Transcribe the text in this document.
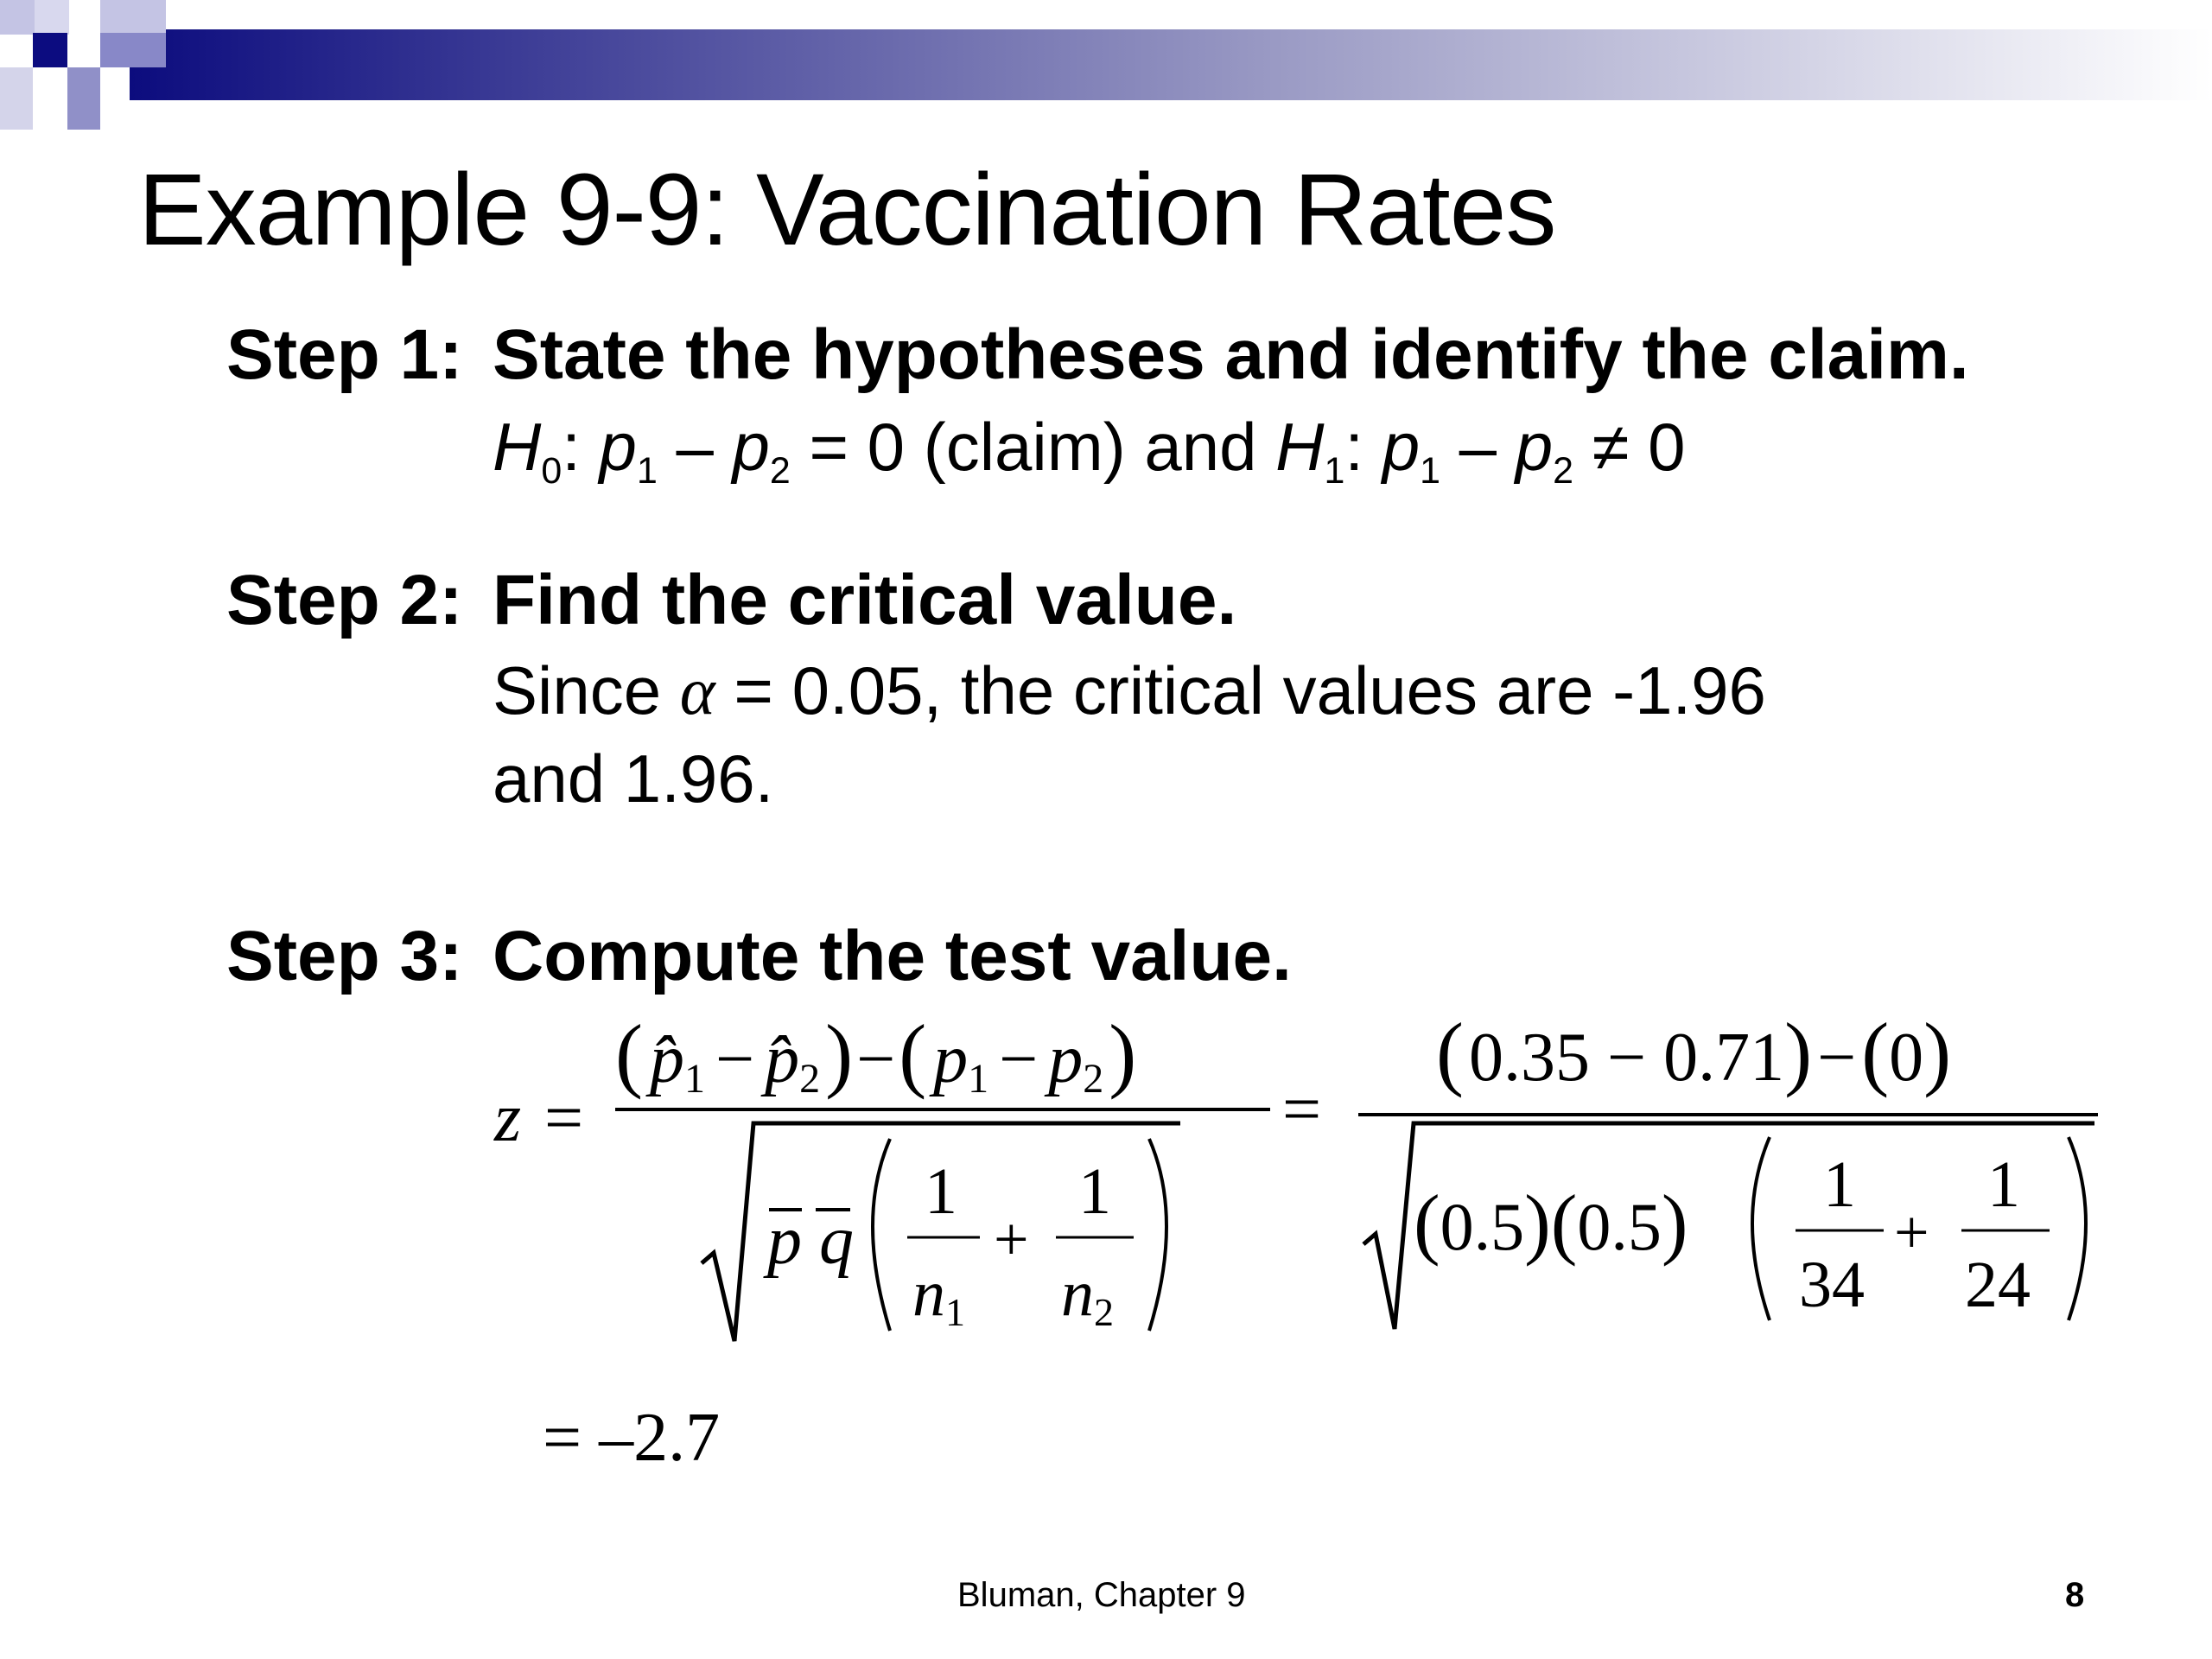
Example 9-9: Vaccination Rates
Step 1: State the hypotheses and identify the claim.
$H_0$: $p_1 - p_2 = 0$ (claim) and $H_1$: $p_1 - p_2 \ne 0$
Step 2: Find the critical value.
Since α = 0.05, the critical values are -1.96
and 1.96.
Step 3: Compute the test value.
z =
( p̂1 − p̂2)−( p1 − p2)
p q
1
n1
+
1
n2
=
(0.35 − 0.71)−(0)
(0.5)(0.5) 1
34
+
1
24
= –2.7
Bluman, Chapter 9	8
